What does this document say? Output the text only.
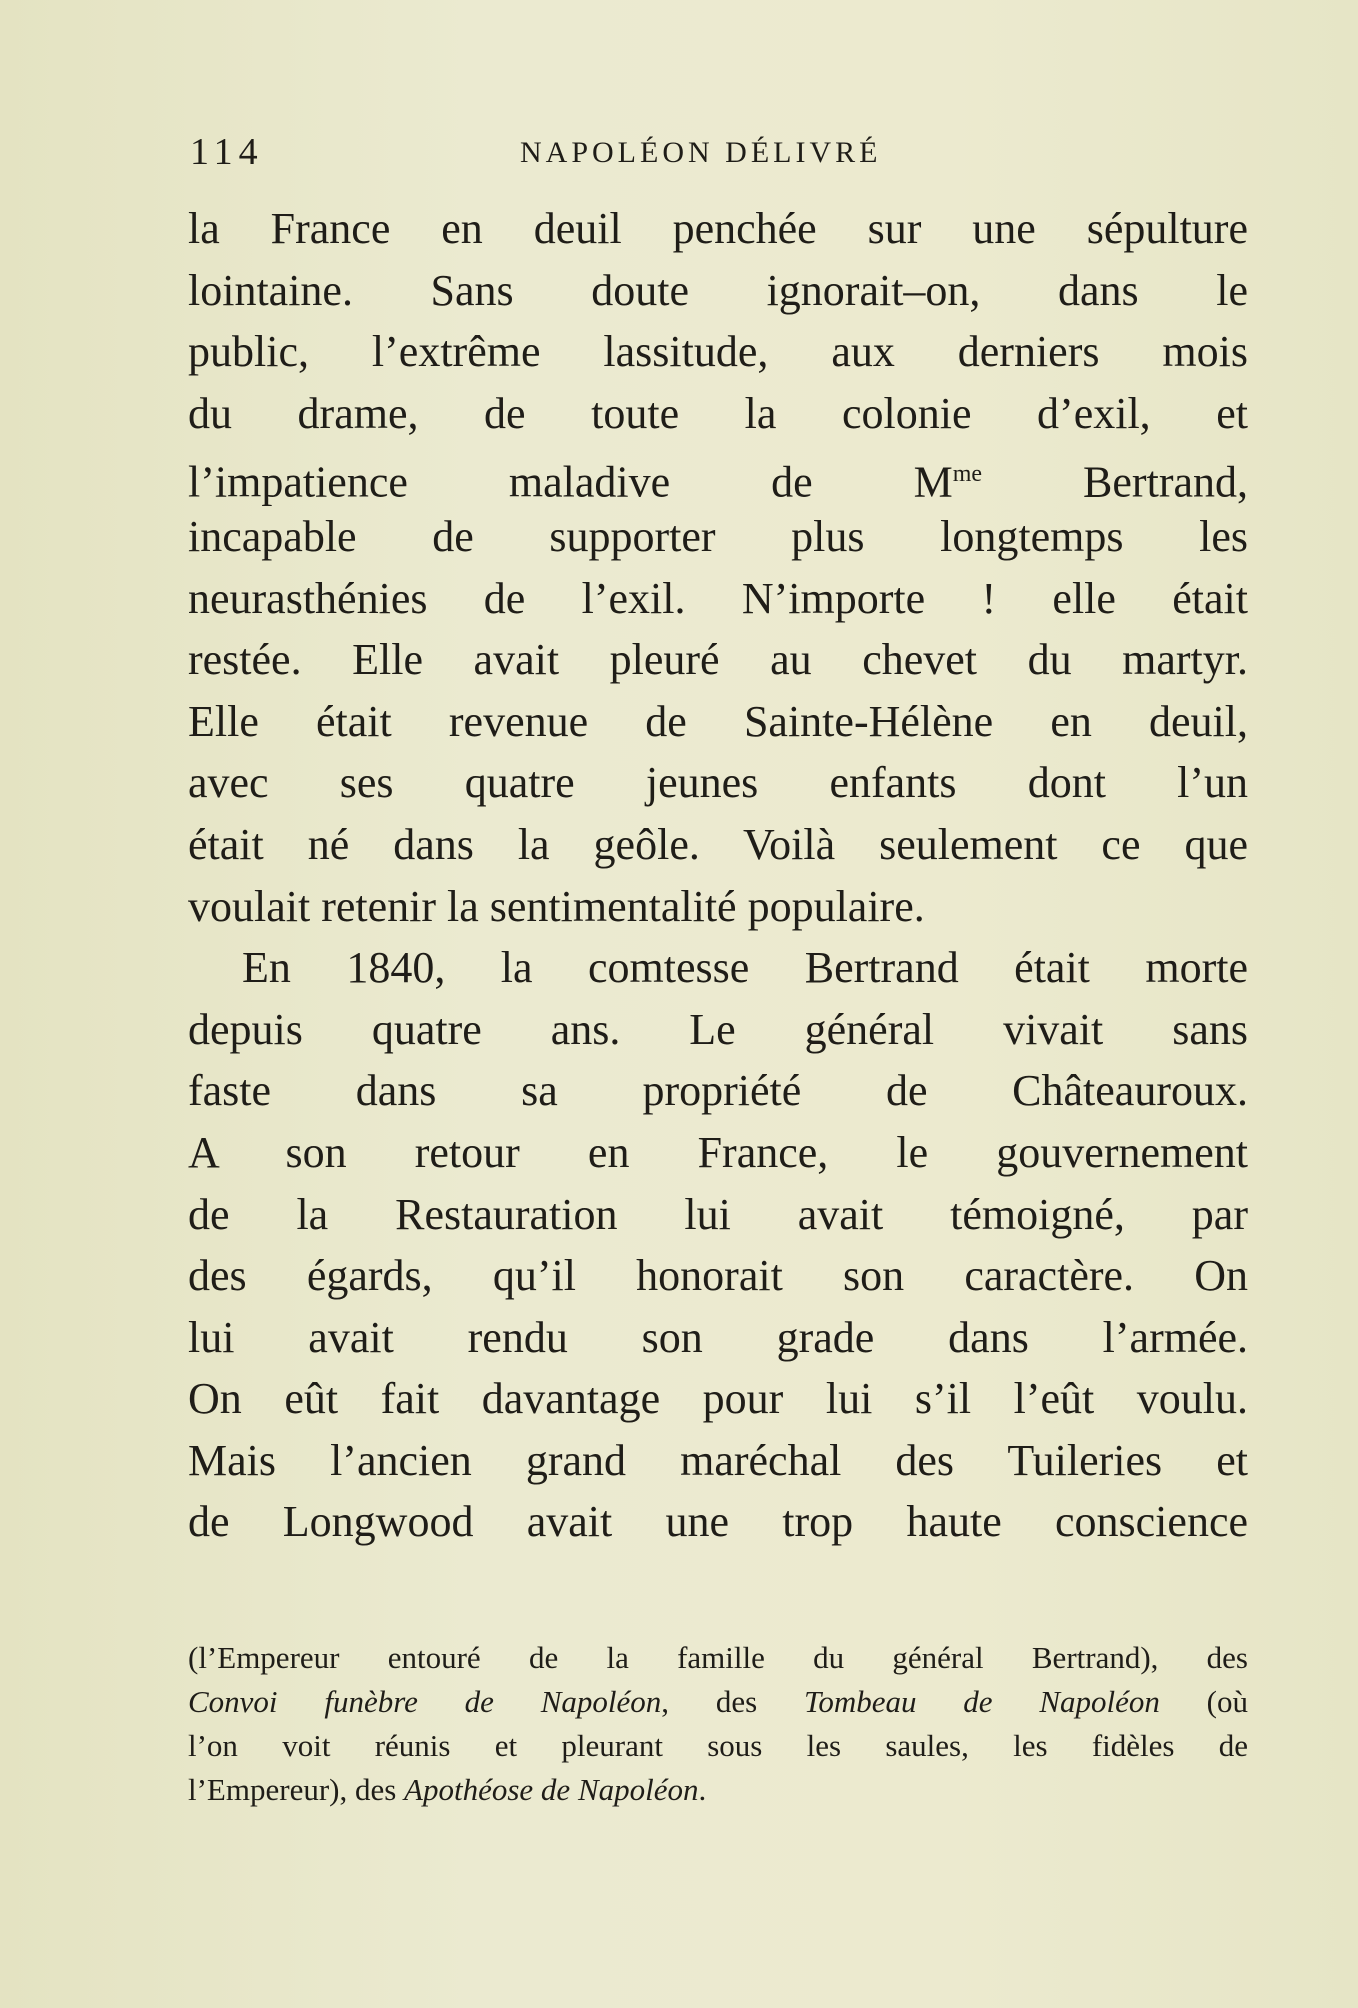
114	NAPOLÉON DÉLIVRÉ
la France en deuil penchée sur une sépulture
lointaine. Sans doute ignorait–on, dans le
public, l’extrême lassitude, aux derniers mois
du drame, de toute la colonie d’exil, et
l’impatience maladive de $M^{me}$ Bertrand,
incapable de supporter plus longtemps les
neurasthénies de l’exil. N’importe ! elle était
restée. Elle avait pleuré au chevet du martyr.
Elle était revenue de Sainte-Hélène en deuil,
avec ses quatre jeunes enfants dont l’un
était né dans la geôle. Voilà seulement ce que
voulait retenir la sentimentalité populaire.
En 1840, la comtesse Bertrand était morte
depuis quatre ans. Le général vivait sans
faste dans sa propriété de Châteauroux.
A son retour en France, le gouvernement
de la Restauration lui avait témoigné, par
des égards, qu’il honorait son caractère. On
lui avait rendu son grade dans l’armée.
On eût fait davantage pour lui s’il l’eût voulu.
Mais l’ancien grand maréchal des Tuileries et
de Longwood avait une trop haute conscience
(l’Empereur entouré de la famille du général Bertrand), des
Convoi funèbre de Napoléon, des Tombeau de Napoléon (où
l’on voit réunis et pleurant sous les saules, les fidèles de
l’Empereur), des Apothéose de Napoléon.
